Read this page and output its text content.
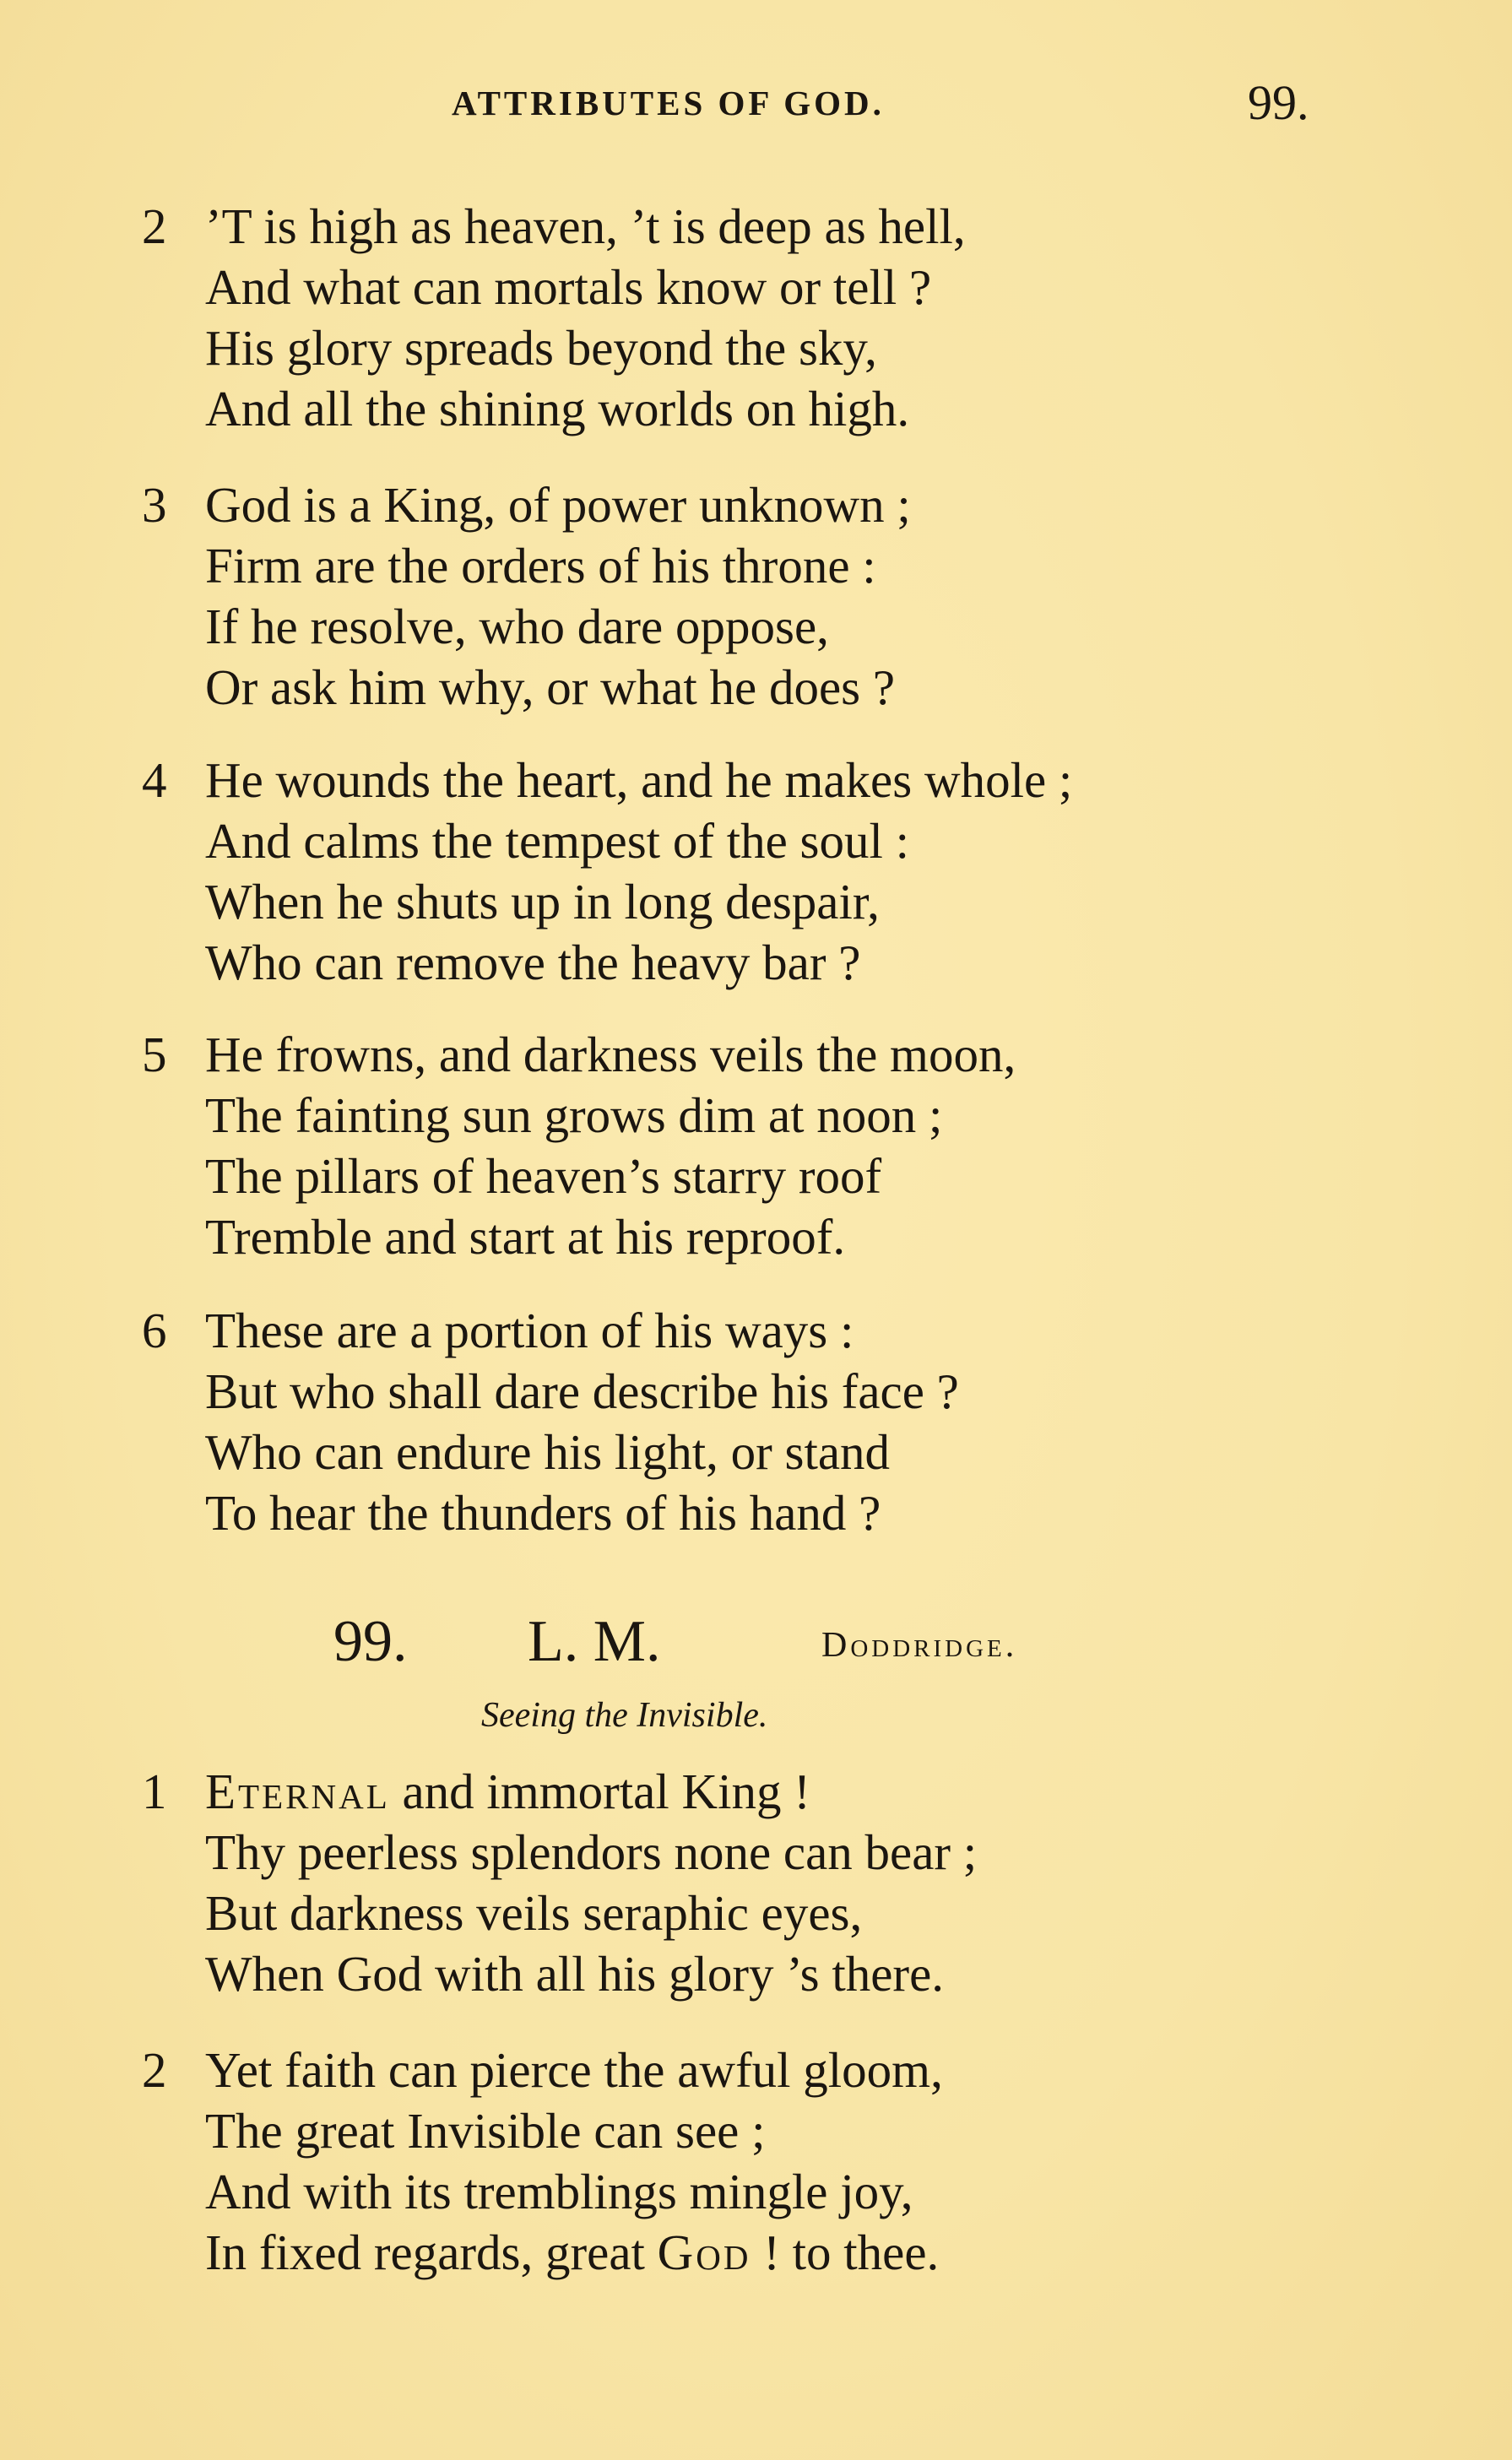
ATTRIBUTES OF GOD.	99.
2 ’T is high as heaven, ’t is deep as hell,
And what can mortals know or tell ?
His glory spreads beyond the sky,
And all the shining worlds on high.
3 God is a King, of power unknown ;
Firm are the orders of his throne :
If he resolve, who dare oppose,
Or ask him why, or what he does ?
4 He wounds the heart, and he makes whole ;
And calms the tempest of the soul :
When he shuts up in long despair,
Who can remove the heavy bar ?
5 He frowns, and darkness veils the moon,
The fainting sun grows dim at noon ;
The pillars of heaven’s starry roof
Tremble and start at his reproof.
6 These are a portion of his ways :
But who shall dare describe his face ?
Who can endure his light, or stand
To hear the thunders of his hand ?
99. L. M.	Doddridge.
Seeing the Invisible.
1 Eternal and immortal King !
Thy peerless splendors none can bear ;
But darkness veils seraphic eyes,
When God with all his glory ’s there.
2 Yet faith can pierce the awful gloom,
The great Invisible can see ;
And with its tremblings mingle joy,
In fixed regards, great God ! to thee.
